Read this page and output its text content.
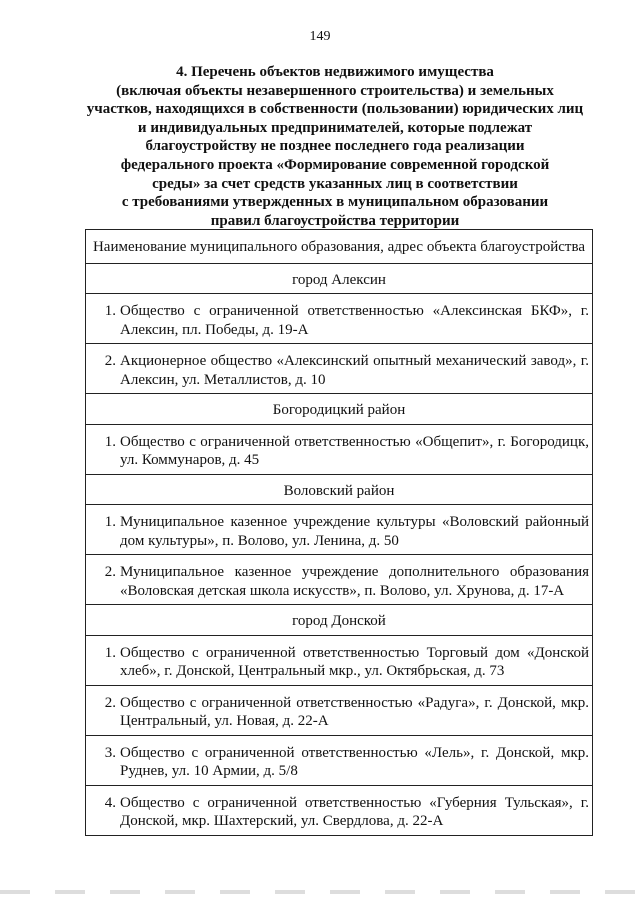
149
4. Перечень объектов недвижимого имущества
(включая объекты незавершенного строительства) и земельных
участков, находящихся в собственности (пользовании) юридических лиц
и индивидуальных предпринимателей, которые подлежат
благоустройству не позднее последнего года реализации
федерального проекта «Формирование современной городской
среды» за счет средств указанных лиц в соответствии
с требованиями утвержденных в муниципальном образовании
правил благоустройства территории
Наименование муниципального образования, адрес объекта благоустройства
город Алексин

1. Общество с ограниченной ответственностью «Алексинская БКФ», г. Алексин, пл. Победы, д. 19-А

2. Акционерное общество «Алексинский опытный механический завод», г. Алексин, ул. Металлистов, д. 10

Богородицкий район

1. Общество с ограниченной ответственностью «Общепит», г. Богородицк, ул. Коммунаров, д. 45

Воловский район

1. Муниципальное казенное учреждение культуры «Воловский районный дом культуры», п. Волово, ул. Ленина, д. 50

2. Муниципальное казенное учреждение дополнительного образования «Воловская детская школа искусств», п. Волово, ул. Хрунова, д. 17-А

город Донской

1. Общество с ограниченной ответственностью Торговый дом «Донской хлеб», г. Донской, Центральный мкр., ул. Октябрьская, д. 73

2. Общество с ограниченной ответственностью «Радуга», г. Донской, мкр. Центральный, ул. Новая, д. 22-А

3. Общество с ограниченной ответственностью «Лель», г. Донской, мкр. Руднев, ул. 10 Армии, д. 5/8

4. Общество с ограниченной ответственностью «Губерния Тульская», г. Донской, мкр. Шахтерский, ул. Свердлова, д. 22-А
